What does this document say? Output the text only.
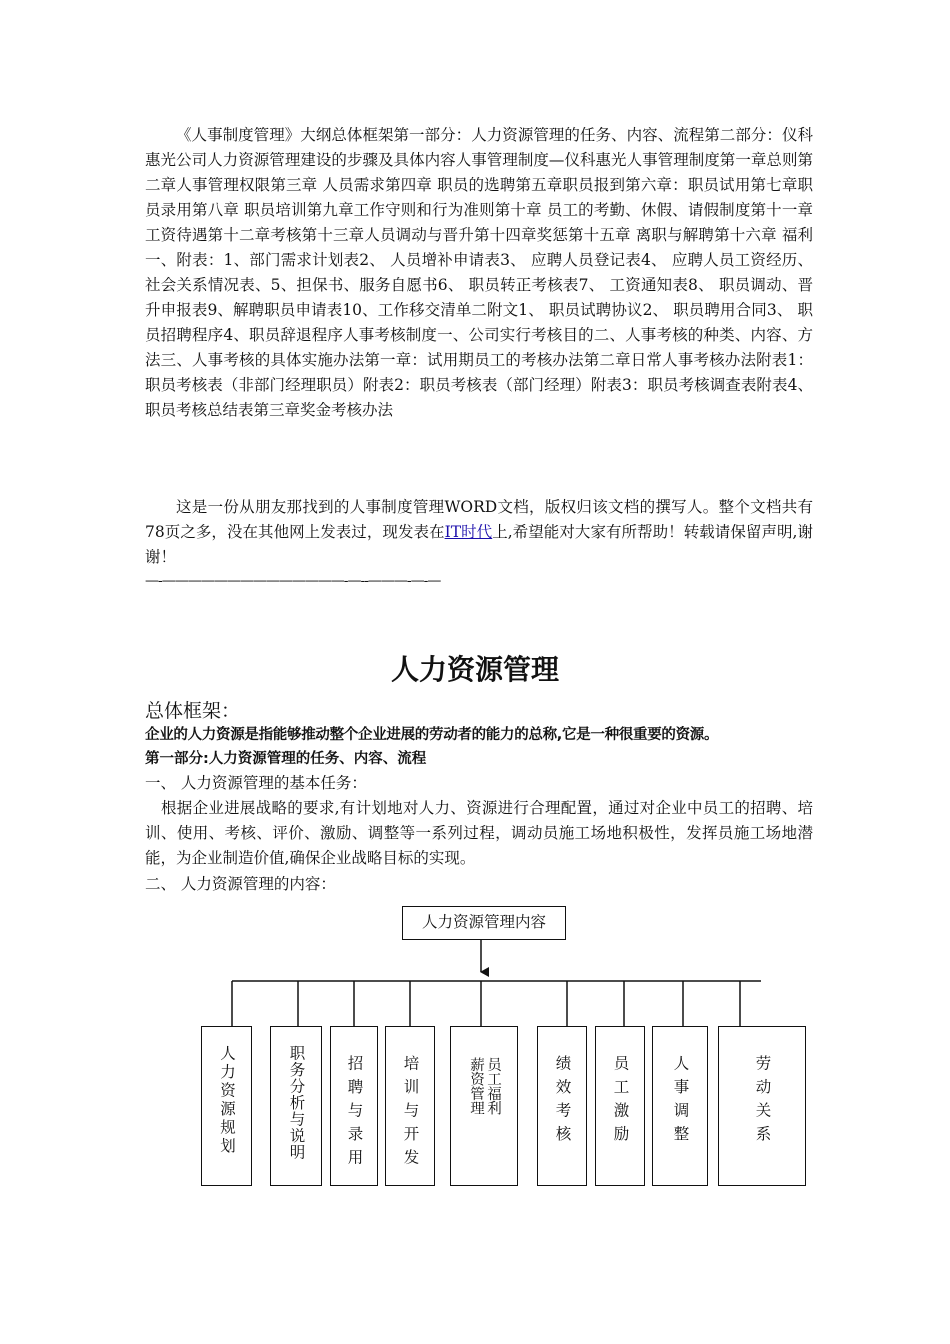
《人事制度管理》大纲总体框架第一部分：人力资源管理的任务、内容、流程第二部分：仪科惠光公司人力资源管理建设的步骤及具体内容人事管理制度—仪科惠光人事管理制度第一章总则第二章人事管理权限第三章 人员需求第四章 职员的选聘第五章职员报到第六章：职员试用第七章职员录用第八章 职员培训第九章工作守则和行为准则第十章 员工的考勤、休假、请假制度第十一章 工资待遇第十二章考核第十三章人员调动与晋升第十四章奖惩第十五章 离职与解聘第十六章 福利一、附表：1、部门需求计划表2、 人员增补申请表3、 应聘人员登记表4、 应聘人员工资经历、社会关系情况表、5、担保书、服务自愿书6、 职员转正考核表7、 工资通知表8、 职员调动、晋升申报表9、解聘职员申请表10、工作移交清单二附文1、 职员试聘协议2、 职员聘用合同3、 职员招聘程序4、职员辞退程序人事考核制度一、公司实行考核目的二、人事考核的种类、内容、方法三、人事考核的具体实施办法第一章：试用期员工的考核办法第二章日常人事考核办法附表1：职员考核表（非部门经理职员）附表2：职员考核表（部门经理）附表3：职员考核调查表附表4、职员考核总结表第三章奖金考核办法

这是一份从朋友那找到的人事制度管理WORD文档，版权归该文档的撰写人。整个文档共有78页之多，没在其他网上发表过，现发表在IT时代上,希望能对大家有所帮助！转载请保留声明,谢谢！

—-——————————————-—--———-—-—
人力资源管理

总体框架：

企业的人力资源是指能够推动整个企业进展的劳动者的能力的总称,它是一种很重要的资源。

第一部分:人力资源管理的任务、内容、流程

一、 人力资源管理的基本任务：

根据企业进展战略的要求,有计划地对人力、资源进行合理配置，通过对企业中员工的招聘、培训、使用、考核、评价、激励、调整等一系列过程，调动员施工场地积极性，发挥员施工场地潜能，为企业制造价值,确保企业战略目标的实现。

二、 人力资源管理的内容：

人力资源管理内容
人力资源规划	职务分析与说明	招聘与录用 培训与开发	薪资管理 员工福利	绩效考核	员工激励	人事调整	劳动关系
